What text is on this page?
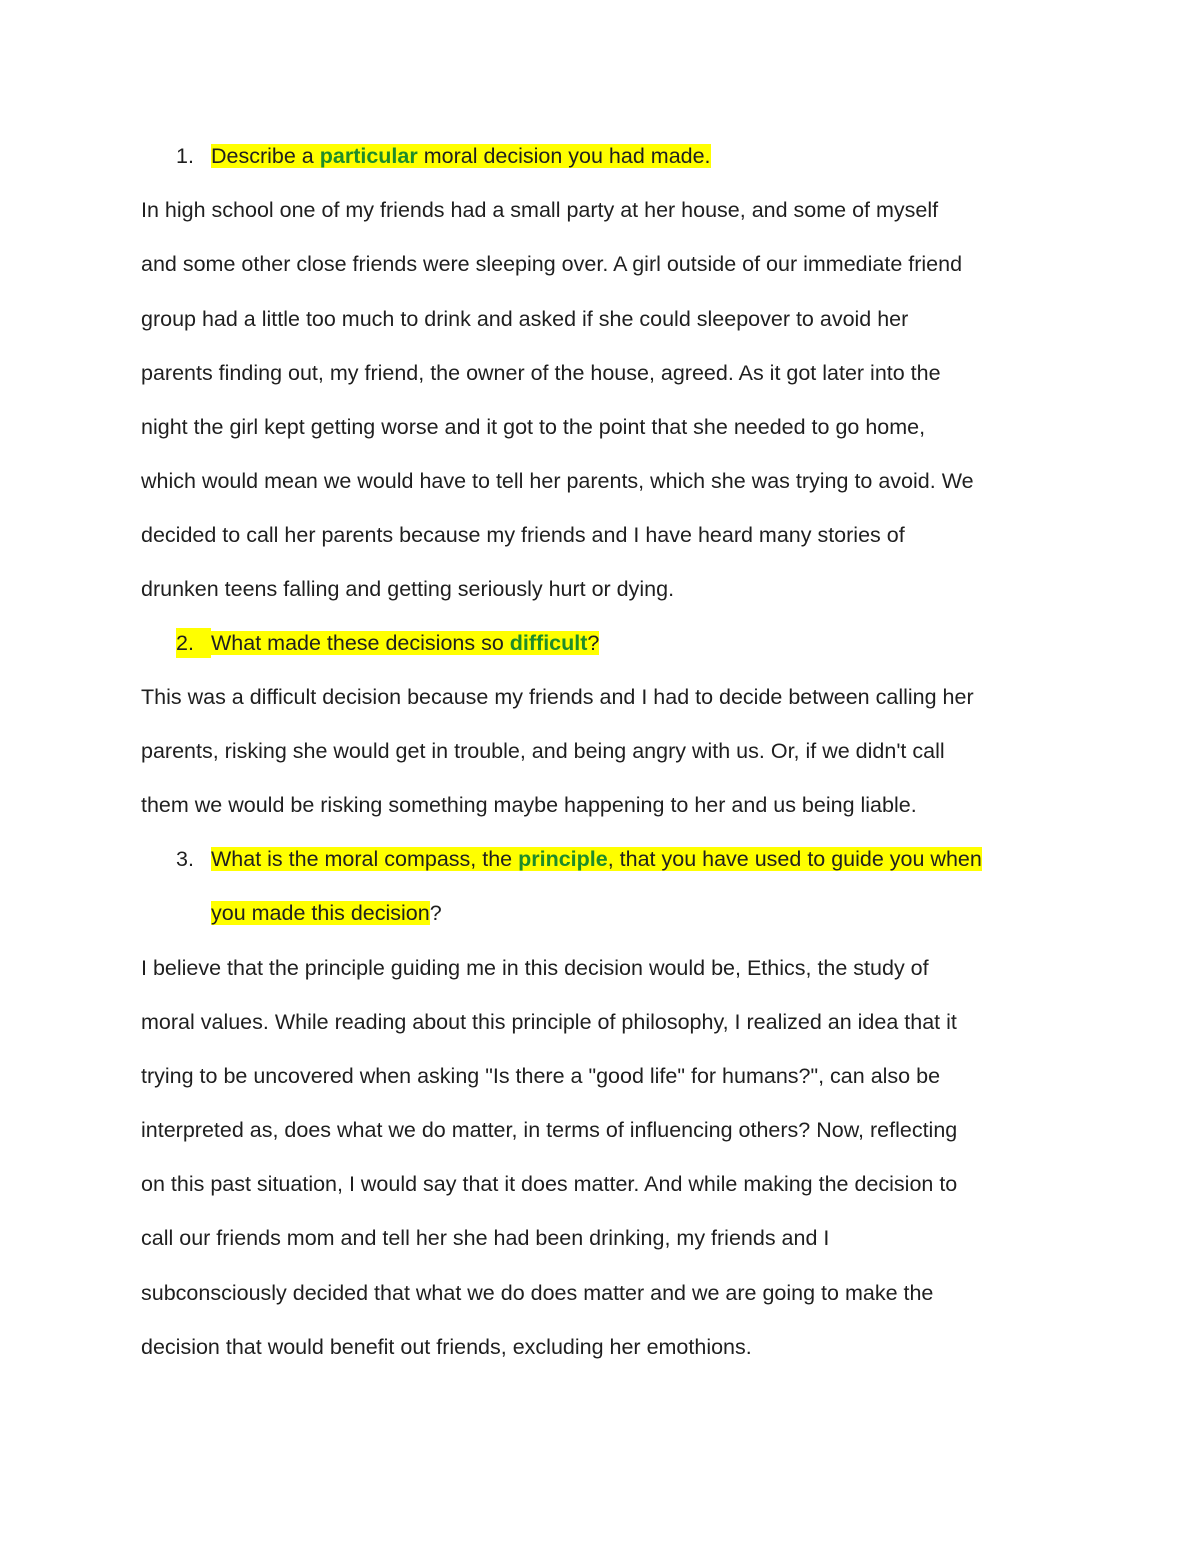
1. Describe a particular moral decision you had made.
In high school one of my friends had a small party at her house, and some of myself
and some other close friends were sleeping over. A girl outside of our immediate friend
group had a little too much to drink and asked if she could sleepover to avoid her
parents finding out, my friend, the owner of the house, agreed. As it got later into the
night the girl kept getting worse and it got to the point that she needed to go home,
which would mean we would have to tell her parents, which she was trying to avoid. We
decided to call her parents because my friends and I have heard many stories of
drunken teens falling and getting seriously hurt or dying.
2. What made these decisions so difficult?
This was a difficult decision because my friends and I had to decide between calling her
parents, risking she would get in trouble, and being angry with us. Or, if we didn't call
them we would be risking something maybe happening to her and us being liable.
3. What is the moral compass, the principle, that you have used to guide you when
you made this decision?
I believe that the principle guiding me in this decision would be, Ethics, the study of
moral values. While reading about this principle of philosophy, I realized an idea that it
trying to be uncovered when asking "Is there a "good life" for humans?", can also be
interpreted as, does what we do matter, in terms of influencing others? Now, reflecting
on this past situation, I would say that it does matter. And while making the decision to
call our friends mom and tell her she had been drinking, my friends and I
subconsciously decided that what we do does matter and we are going to make the
decision that would benefit out friends, excluding her emothions.
